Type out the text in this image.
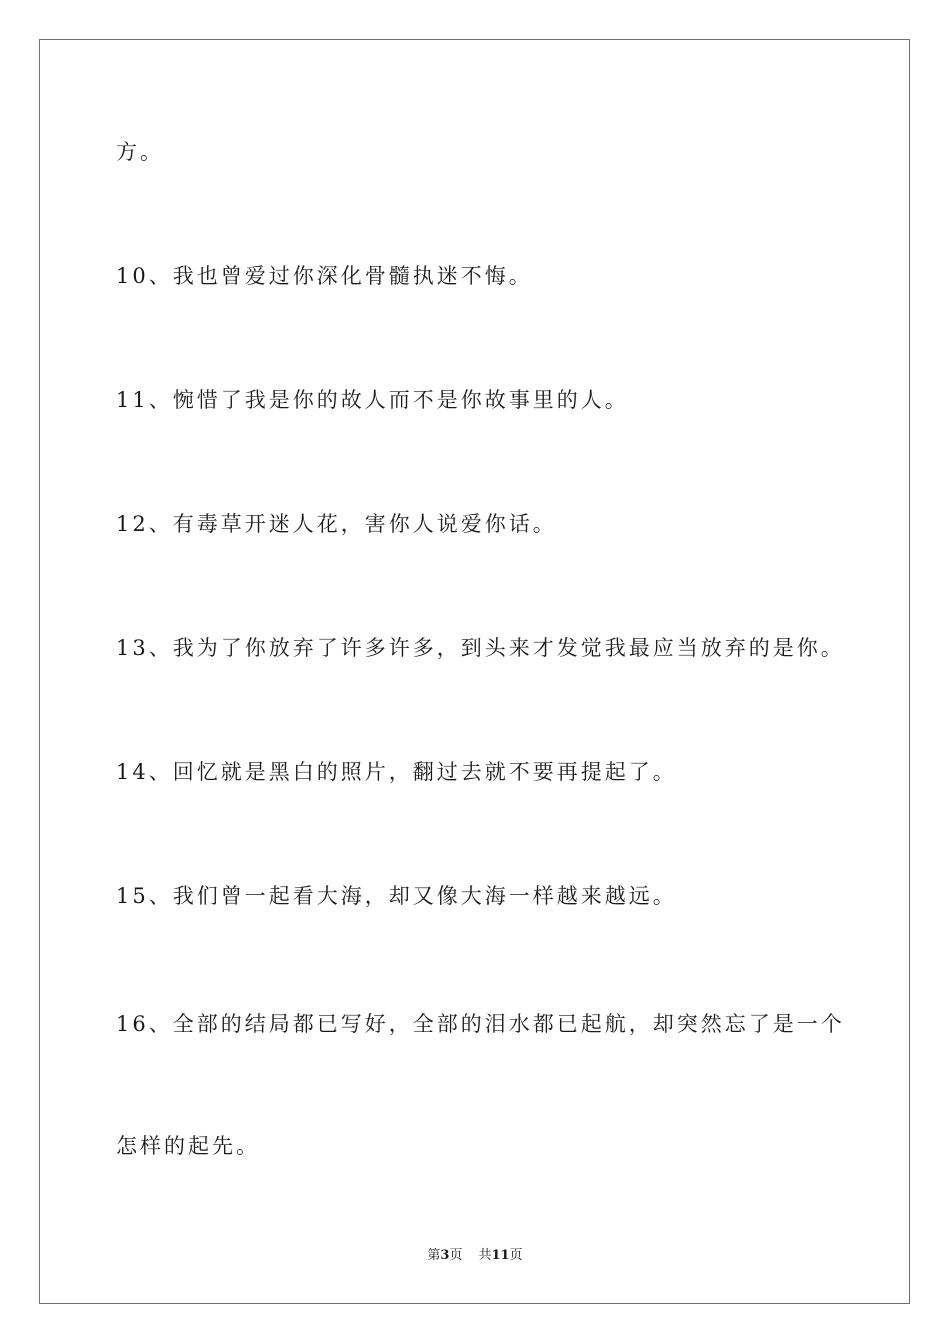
方。
10、我也曾爱过你深化骨髓执迷不悔。
11、惋惜了我是你的故人而不是你故事里的人。
12、有毒草开迷人花，害你人说爱你话。
13、我为了你放弃了许多许多，到头来才发觉我最应当放弃的是你。
14、回忆就是黑白的照片，翻过去就不要再提起了。
15、我们曾一起看大海，却又像大海一样越来越远。
16、全部的结局都已写好，全部的泪水都已起航，却突然忘了是一个
怎样的起先。
第3页 共11页
